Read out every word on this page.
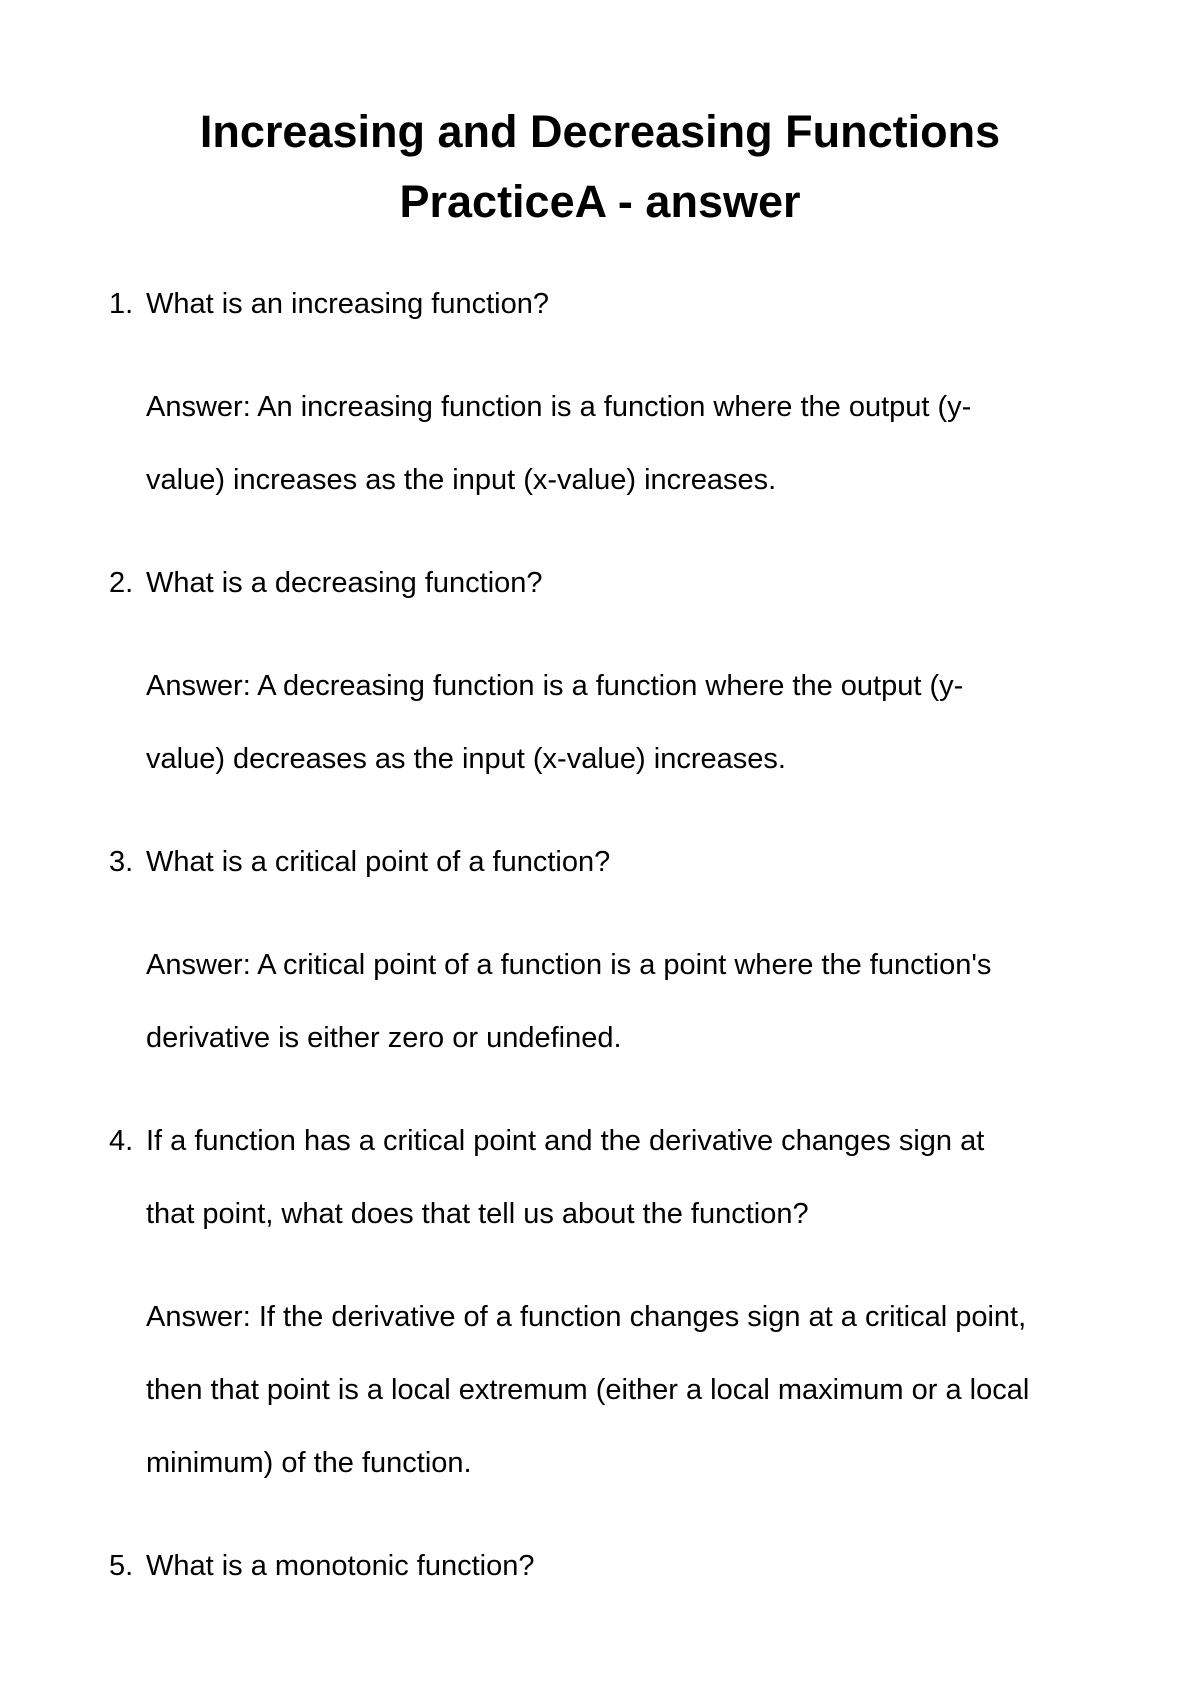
Increasing and Decreasing Functions
PracticeA - answer

1. What is an increasing function?

Answer: An increasing function is a function where the output (y-

value) increases as the input (x-value) increases.

2. What is a decreasing function?

Answer: A decreasing function is a function where the output (y-

value) decreases as the input (x-value) increases.

3. What is a critical point of a function?

Answer: A critical point of a function is a point where the function's

derivative is either zero or undefined.

4. If a function has a critical point and the derivative changes sign at

that point, what does that tell us about the function?

Answer: If the derivative of a function changes sign at a critical point,

then that point is a local extremum (either a local maximum or a local

minimum) of the function.

5. What is a monotonic function?
